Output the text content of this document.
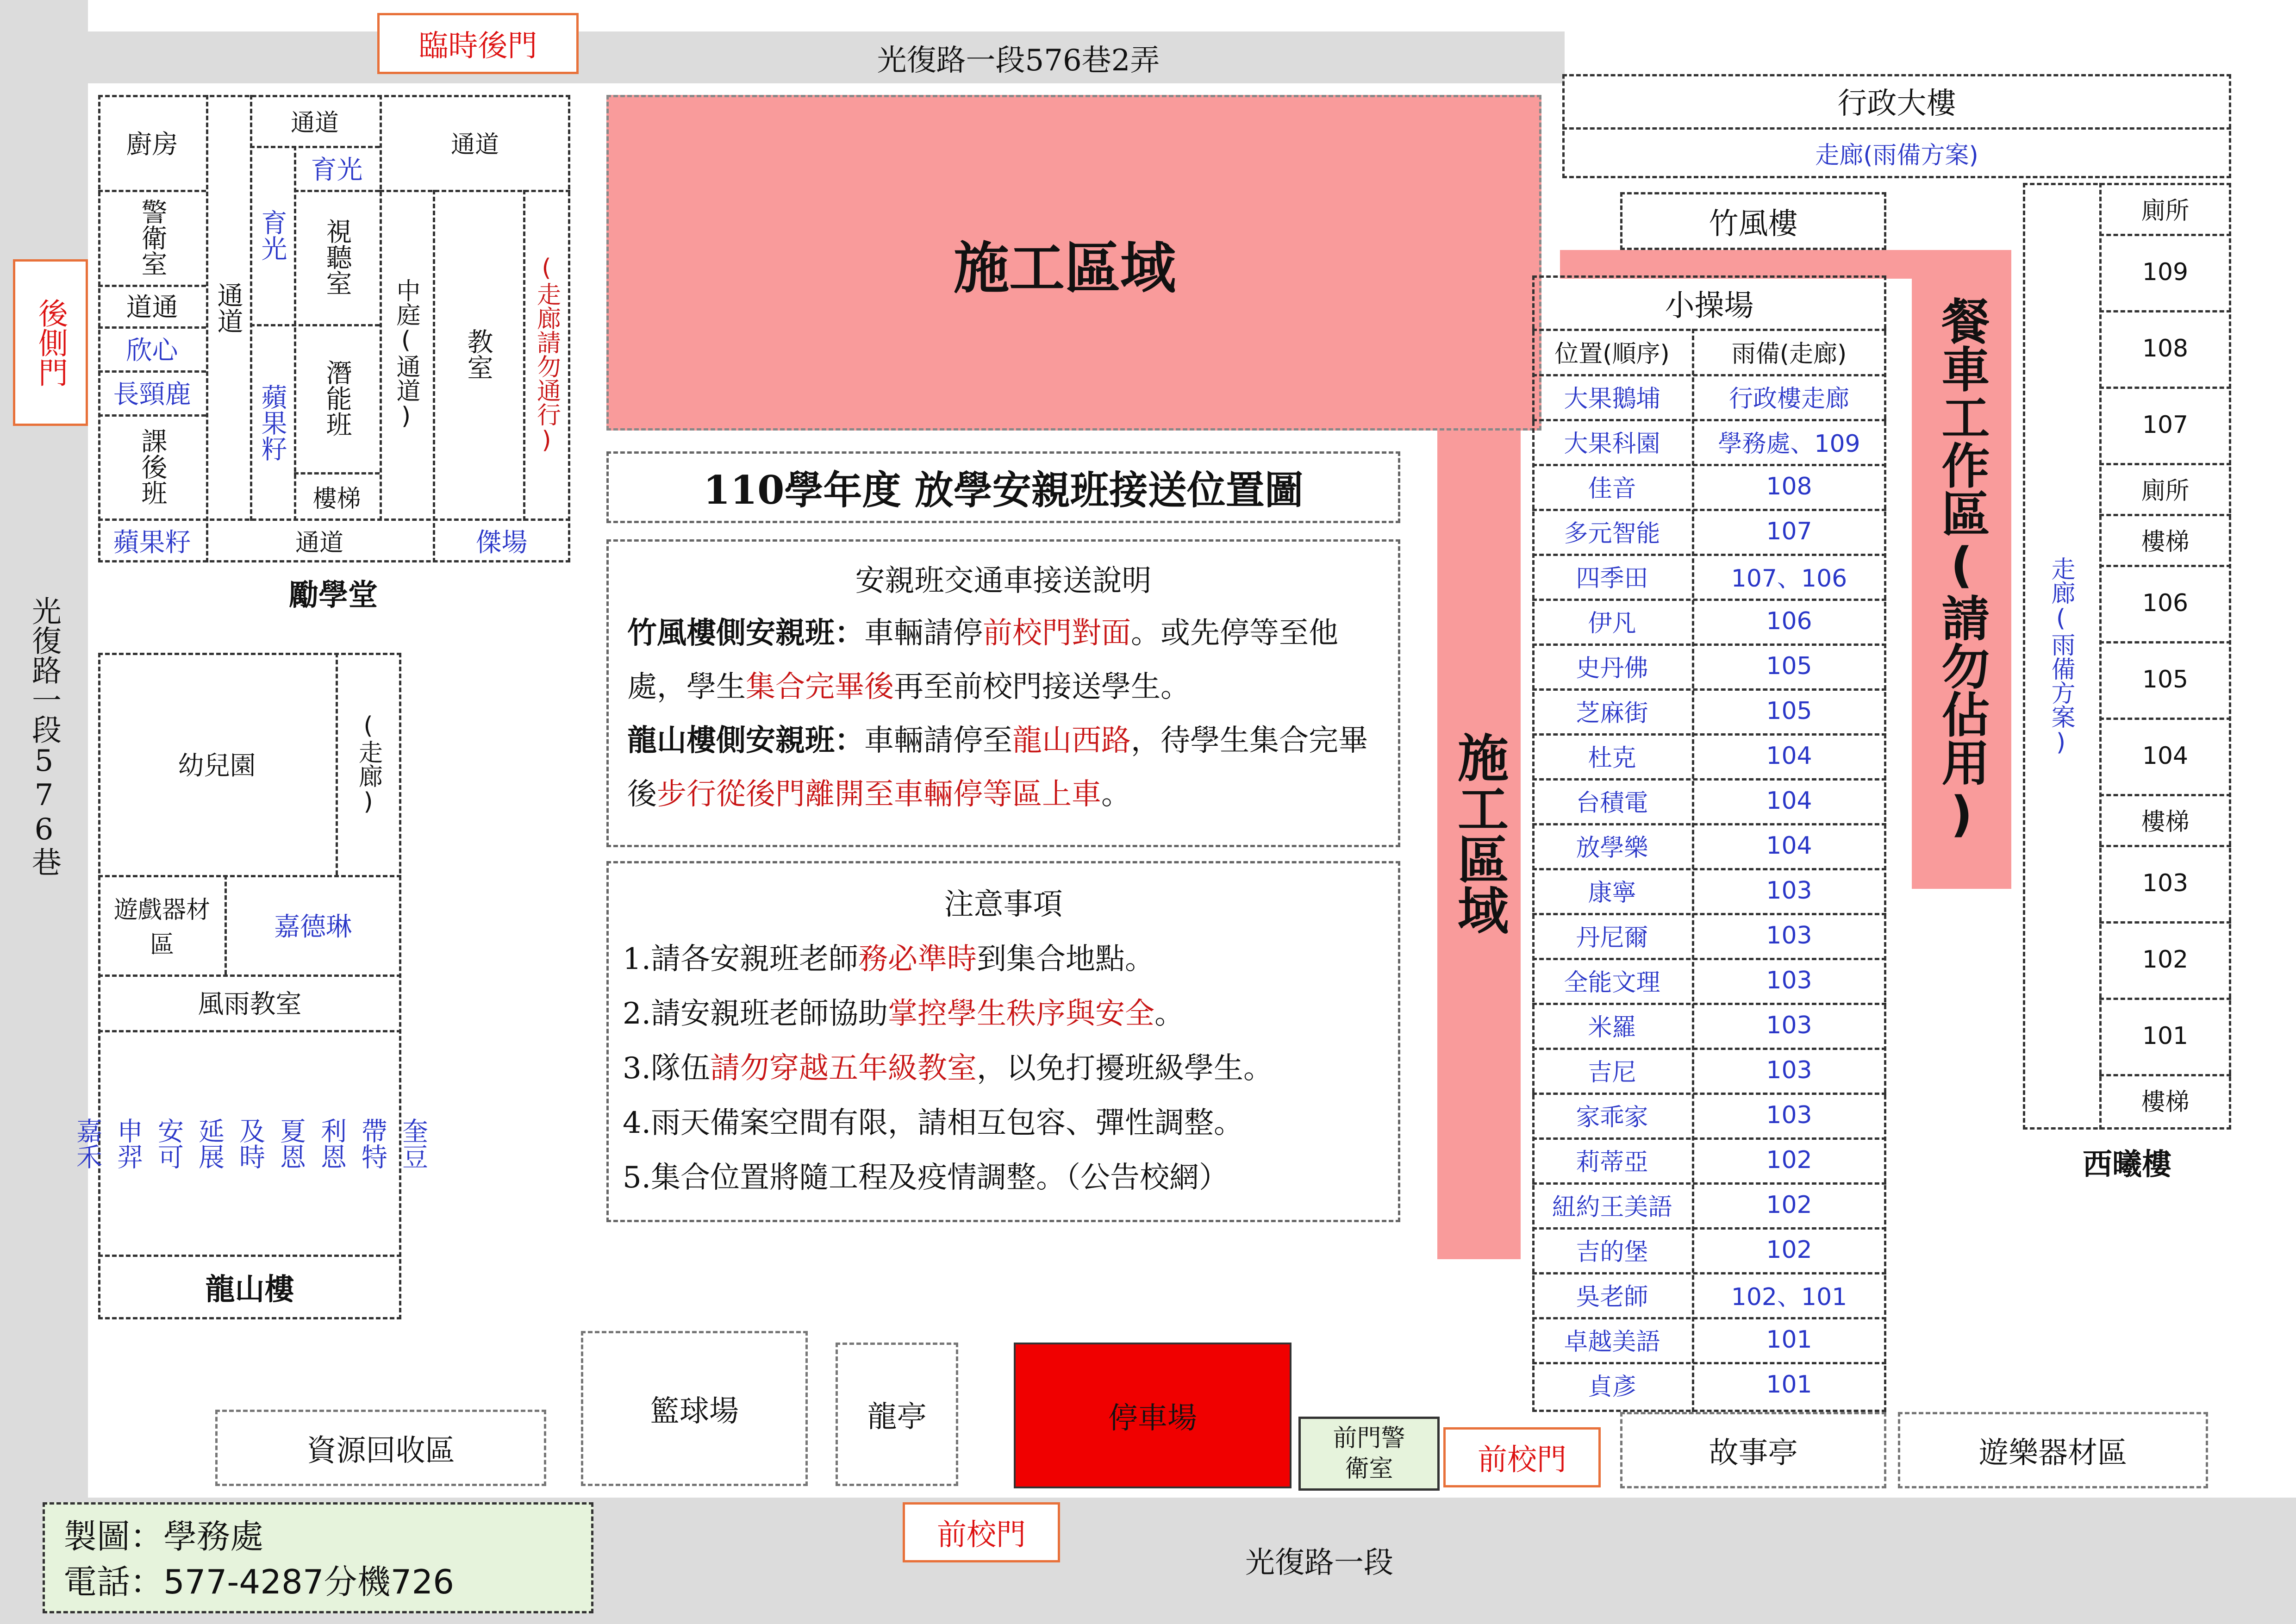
光復路一段576巷2弄
光復路一段576巷
光復路一段
臨時後門
後側門
前校門
前校門
廚房
警衛室
道通
欣心
長頸鹿
課後班
通道
通道
育光
育光
視聽室
蘋果籽	潛能班
樓梯
通道
中庭(通道)	教室	(走廊請勿通行)
蘋果籽	通道	傑場
勵學堂
幼兒園	(走廊)
遊戲器材區
嘉德琳
風雨教室
嘉禾 申羿 安可 延展 及時 夏恩 利恩 帶特 奎豆
龍山樓
施工區域
施工區域
110學年度 放學安親班接送位置圖

安親班交通車接送說明

竹風樓側安親班：車輛請停前校門對面。或先停等至他處，學生集合完畢後再至前校門接送學生。

龍山樓側安親班：車輛請停至龍山西路，待學生集合完畢後步行從後門離開至車輛停等區上車。

注意事項

1.請各安親班老師務必準時到集合地點。

2.請安親班老師協助掌控學生秩序與安全。

3.隊伍請勿穿越五年級教室，以免打擾班級學生。

4.雨天備案空間有限，請相互包容、彈性調整。

5.集合位置將隨工程及疫情調整。（公告校網）

行政大樓
走廊(雨備方案)
竹風樓
餐車工作區(請勿佔用)
小操場
位置(順序)	雨備(走廊)
大果鵝埔	行政樓走廊
大果科園	學務處、109
佳音	108
多元智能	107
四季田	107、106
伊凡	106
史丹佛	105
芝麻街	105
杜克	104
台積電	104
放學樂	104
康寧	103
丹尼爾	103
全能文理	103
米羅	103
吉尼	103
家乖家	103
莉蒂亞	102
紐約王美語	102
吉的堡	102
吳老師	102、101
卓越美語	101
貞彥	101
走廊(雨備方案)
廁所
109
108
107
廁所
樓梯
106
105
104
樓梯
103
102
101
樓梯
西曦樓
資源回收區
籃球場	龍亭	停車場
前門警衛室	故事亭	遊樂器材區
製圖：學務處
電話：577-4287分機726
